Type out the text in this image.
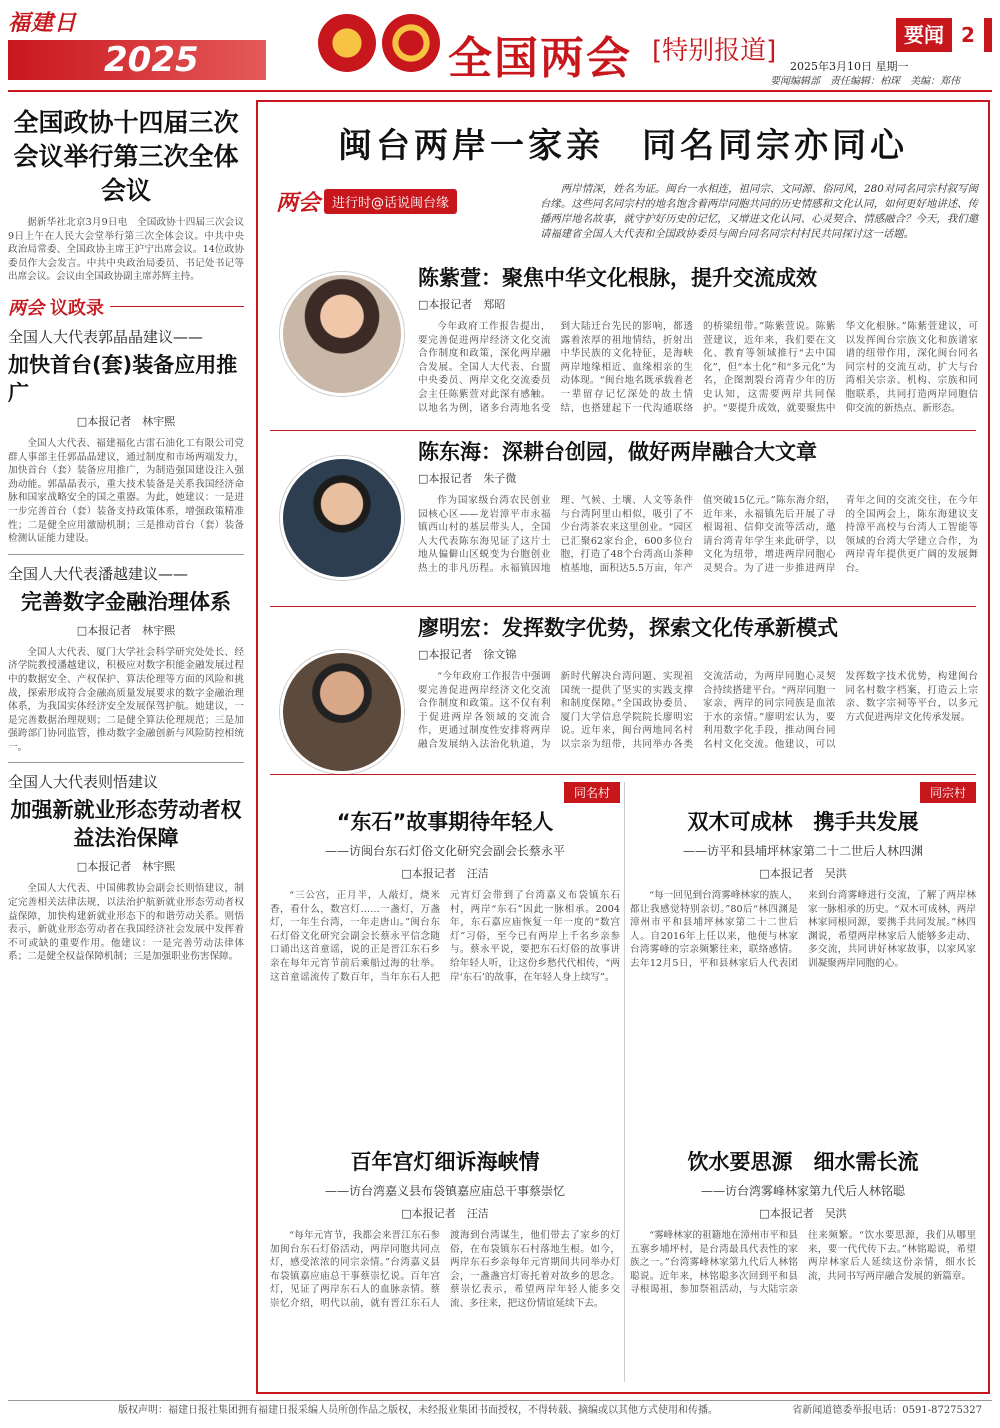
福建日
2025	全国两会 [特别报道]
要闻 2
2025年3月10日 星期一
要闻编辑部　责任编辑：柏琛　美编：郑伟
全国政协十四届三次会议举行第三次全体会议
据新华社北京3月9日电　全国政协十四届三次会议9日上午在人民大会堂举行第三次全体会议。中共中央政治局常委、全国政协主席王沪宁出席会议。14位政协委员作大会发言。中共中央政治局委员、书记处书记等出席会议。会议由全国政协副主席苏辉主持。
两会 议政录
全国人大代表郭晶晶建议——
加快首台(套)装备应用推广
□本报记者　林宇熙
全国人大代表、福建福化古雷石油化工有限公司党群人事部主任郭晶晶建议，通过制度和市场两端发力，加快首台（套）装备应用推广，为制造强国建设注入强劲动能。郭晶晶表示，重大技术装备是关系我国经济命脉和国家战略安全的国之重器。为此，她建议：一是进一步完善首台（套）装备支持政策体系，增强政策精准性；二是健全应用激励机制；三是推动首台（套）装备检测认证能力建设。
全国人大代表潘越建议——
完善数字金融治理体系
□本报记者　林宇熙
全国人大代表、厦门大学社会科学研究处处长、经济学院教授潘越建议，积极应对数字积能金融发展过程中的数据安全、产权保护、算法伦理等方面的风险和挑战，探索形成符合金融高质量发展要求的数字金融治理体系，为我国实体经济安全发展保驾护航。她建议，一是完善数据治理规则；二是健全算法伦理规范；三是加强跨部门协同监管，推动数字金融创新与风险防控相统一。
全国人大代表则悟建议
加强新就业形态劳动者权益法治保障
□本报记者　林宇熙
全国人大代表、中国佛教协会副会长则悟建议，制定完善相关法律法规，以法治护航新就业形态劳动者权益保障，加快构建新就业形态下的和谐劳动关系。则悟表示，新就业形态劳动者在我国经济社会发展中发挥着不可或缺的重要作用。他建议：一是完善劳动法律体系；二是健全权益保障机制；三是加强职业伤害保障。
闽台两岸一家亲　同名同宗亦同心
两会 进行时@话说闽台缘
两岸情深，姓名为证。闽台一水相连，祖同宗、文同源、俗同风，280对同名同宗村叙写闽台缘。这些同名同宗村的地名饱含着两岸同胞共同的历史情感和文化认同，如何更好地讲述、传播两岸地名故事，就守护好历史的记忆，又增进文化认同、心灵契合、情感融合？今天，我们邀请福建省全国人大代表和全国政协委员与闽台同名同宗村村民共同探讨这一话题。
陈紫萱：聚焦中华文化根脉，提升交流成效
□本报记者　郑昭
今年政府工作报告提出，要完善促进两岸经济文化交流合作制度和政策，深化两岸融合发展。全国人大代表、台盟中央委员、两岸文化交流委员会主任陈紫萱对此深有感触。以地名为例，诸多台湾地名受到大陆迁台先民的影响，都透露着浓厚的祖地情结，折射出中华民族的文化特征，是海峡两岸地缘相近、血缘相亲的生动体现。“闽台地名既承载着老一辈留存记忆深处的故土情结，也搭建起下一代沟通联络的桥梁纽带。”陈紫萱说。陈紫萱建议，近年来，我们要在文化、教育等领域推行“去中国化”，但“本土化”和“多元化”为名，企图割裂台湾青少年的历史认知，这需要两岸共同保护。“要提升成效，就要聚焦中华文化根脉。”陈紫萱建议，可以发挥闽台宗族文化和族谱家谱的纽带作用，深化闽台同名同宗村的交流互动，扩大与台湾相关宗亲、机构、宗族和同胞联系，共同打造两岸同胞信仰交流的新热点、新形态。
陈东海：深耕台创园，做好两岸融合大文章
□本报记者　朱子微
作为国家级台湾农民创业园核心区——龙岩漳平市永福镇西山村的基层带头人，全国人大代表陈东海见证了这片土地从偏僻山区蜕变为台胞创业热土的非凡历程。永福镇因地理、气候、土壤、人文等条件与台湾阿里山相似，吸引了不少台湾茶农来这里创业。“园区已汇聚62家台企，600多位台胞，打造了48个台湾高山茶种植基地，面积达5.5万亩，年产值突破15亿元。”陈东海介绍，近年来，永福镇先后开展了寻根谒祖、信仰交流等活动，邀请台湾青年学生来此研学，以文化为纽带，增进两岸同胞心灵契合。为了进一步推进两岸青年之间的交流交往，在今年的全国两会上，陈东海建议支持漳平高校与台湾人工智能等领域的台湾大学建立合作，为两岸青年提供更广阔的发展舞台。
廖明宏：发挥数字优势，探索文化传承新模式
□本报记者　徐文锦
“今年政府工作报告中强调要完善促进两岸经济文化交流合作制度和政策。这不仅有利于促进两岸各领域的交流合作，更通过制度性安排将两岸融合发展纳入法治化轨道，为新时代解决台湾问题、实现祖国统一提供了坚实的实践支撑和制度保障。”全国政协委员、厦门大学信息学院院长廖明宏说。近年来，闽台两地同名村以宗亲为纽带，共同举办各类交流活动，为两岸同胞心灵契合持续搭建平台。“两岸同胞一家亲，两岸的同宗同族是血浓于水的亲情。”廖明宏认为，要利用数字化手段，推动闽台同名村文化交流。他建议，可以发挥数字技术优势，构建闽台同名村数字档案，打造云上宗亲、数字宗祠等平台，以多元方式促进两岸文化传承发展。
同名村
“东石”故事期待年轻人
——访闽台东石灯俗文化研究会副会长蔡永平
□本报记者　汪洁
“三公宫，正月半，人敲灯，烧米香，看什么，数宫灯……一盏灯，万盏灯，一年生台湾，一年走唐山。”闽台东石灯俗文化研究会副会长蔡永平信念随口诵出这首童谣，说的正是晋江东石乡亲在每年元宵节前后乘船过海的壮举。这首童谣流传了数百年，当年东石人把元宵灯会带到了台湾嘉义布袋镇东石村，两岸“东石”因此一脉相承。2004年，东石嘉应庙恢复一年一度的“数宫灯”习俗，至今已有两岸上千名乡亲参与。蔡永平说，要把东石灯俗的故事讲给年轻人听，让这份乡愁代代相传，“两岸‘东石’的故事，在年轻人身上续写”。
同宗村
双木可成林　携手共发展
——访平和县埔坪林家第二十二世后人林四渊
□本报记者　吴洪
“每一回见到台湾雾峰林家的族人，都让我感觉特别亲切。”80后“林四渊是漳州市平和县埔坪林家第二十二世后人。自2016年上任以来，他便与林家台湾雾峰的宗亲频繁往来，联络感情。去年12月5日，平和县林家后人代表团来到台湾雾峰进行交流，了解了两岸林家一脉相承的历史。“双木可成林，两岸林家同根同源，要携手共同发展。”林四渊说，希望两岸林家后人能够多走动、多交流，共同讲好林家故事，以家风家训凝聚两岸同胞的心。
百年宫灯细诉海峡情
——访台湾嘉义县布袋镇嘉应庙总干事蔡崇忆
□本报记者　汪洁
“每年元宵节，我都会来晋江东石参加闽台东石灯俗活动，两岸同胞共同点灯，感受浓浓的同宗亲情。”台湾嘉义县布袋镇嘉应庙总干事蔡崇忆说。百年宫灯，见证了两岸东石人的血脉亲情。蔡崇忆介绍，明代以前，就有晋江东石人渡海到台湾谋生，他们带去了家乡的灯俗，在布袋镇东石村落地生根。如今，两岸东石乡亲每年元宵期间共同举办灯会，一盏盏宫灯寄托着对故乡的思念。蔡崇忆表示，希望两岸年轻人能多交流、多往来，把这份情谊延续下去。
饮水要思源　细水需长流
——访台湾雾峰林家第九代后人林铭聪
□本报记者　吴洪
“雾峰林家的祖籍地在漳州市平和县五寨乡埔坪村，是台湾最具代表性的家族之一。”台湾雾峰林家第九代后人林铭聪说。近年来，林铭聪多次回到平和县寻根谒祖，参加祭祖活动，与大陆宗亲往来频繁。“饮水要思源，我们从哪里来，要一代代传下去。”林铭聪说，希望两岸林家后人延续这份亲情，细水长流，共同书写两岸融合发展的新篇章。
版权声明：福建日报社集团拥有福建日报采编人员所创作品之版权，未经报业集团书面授权，不得转载、摘编或以其他方式使用和传播。	省新闻道德委举报电话：0591-87275327
